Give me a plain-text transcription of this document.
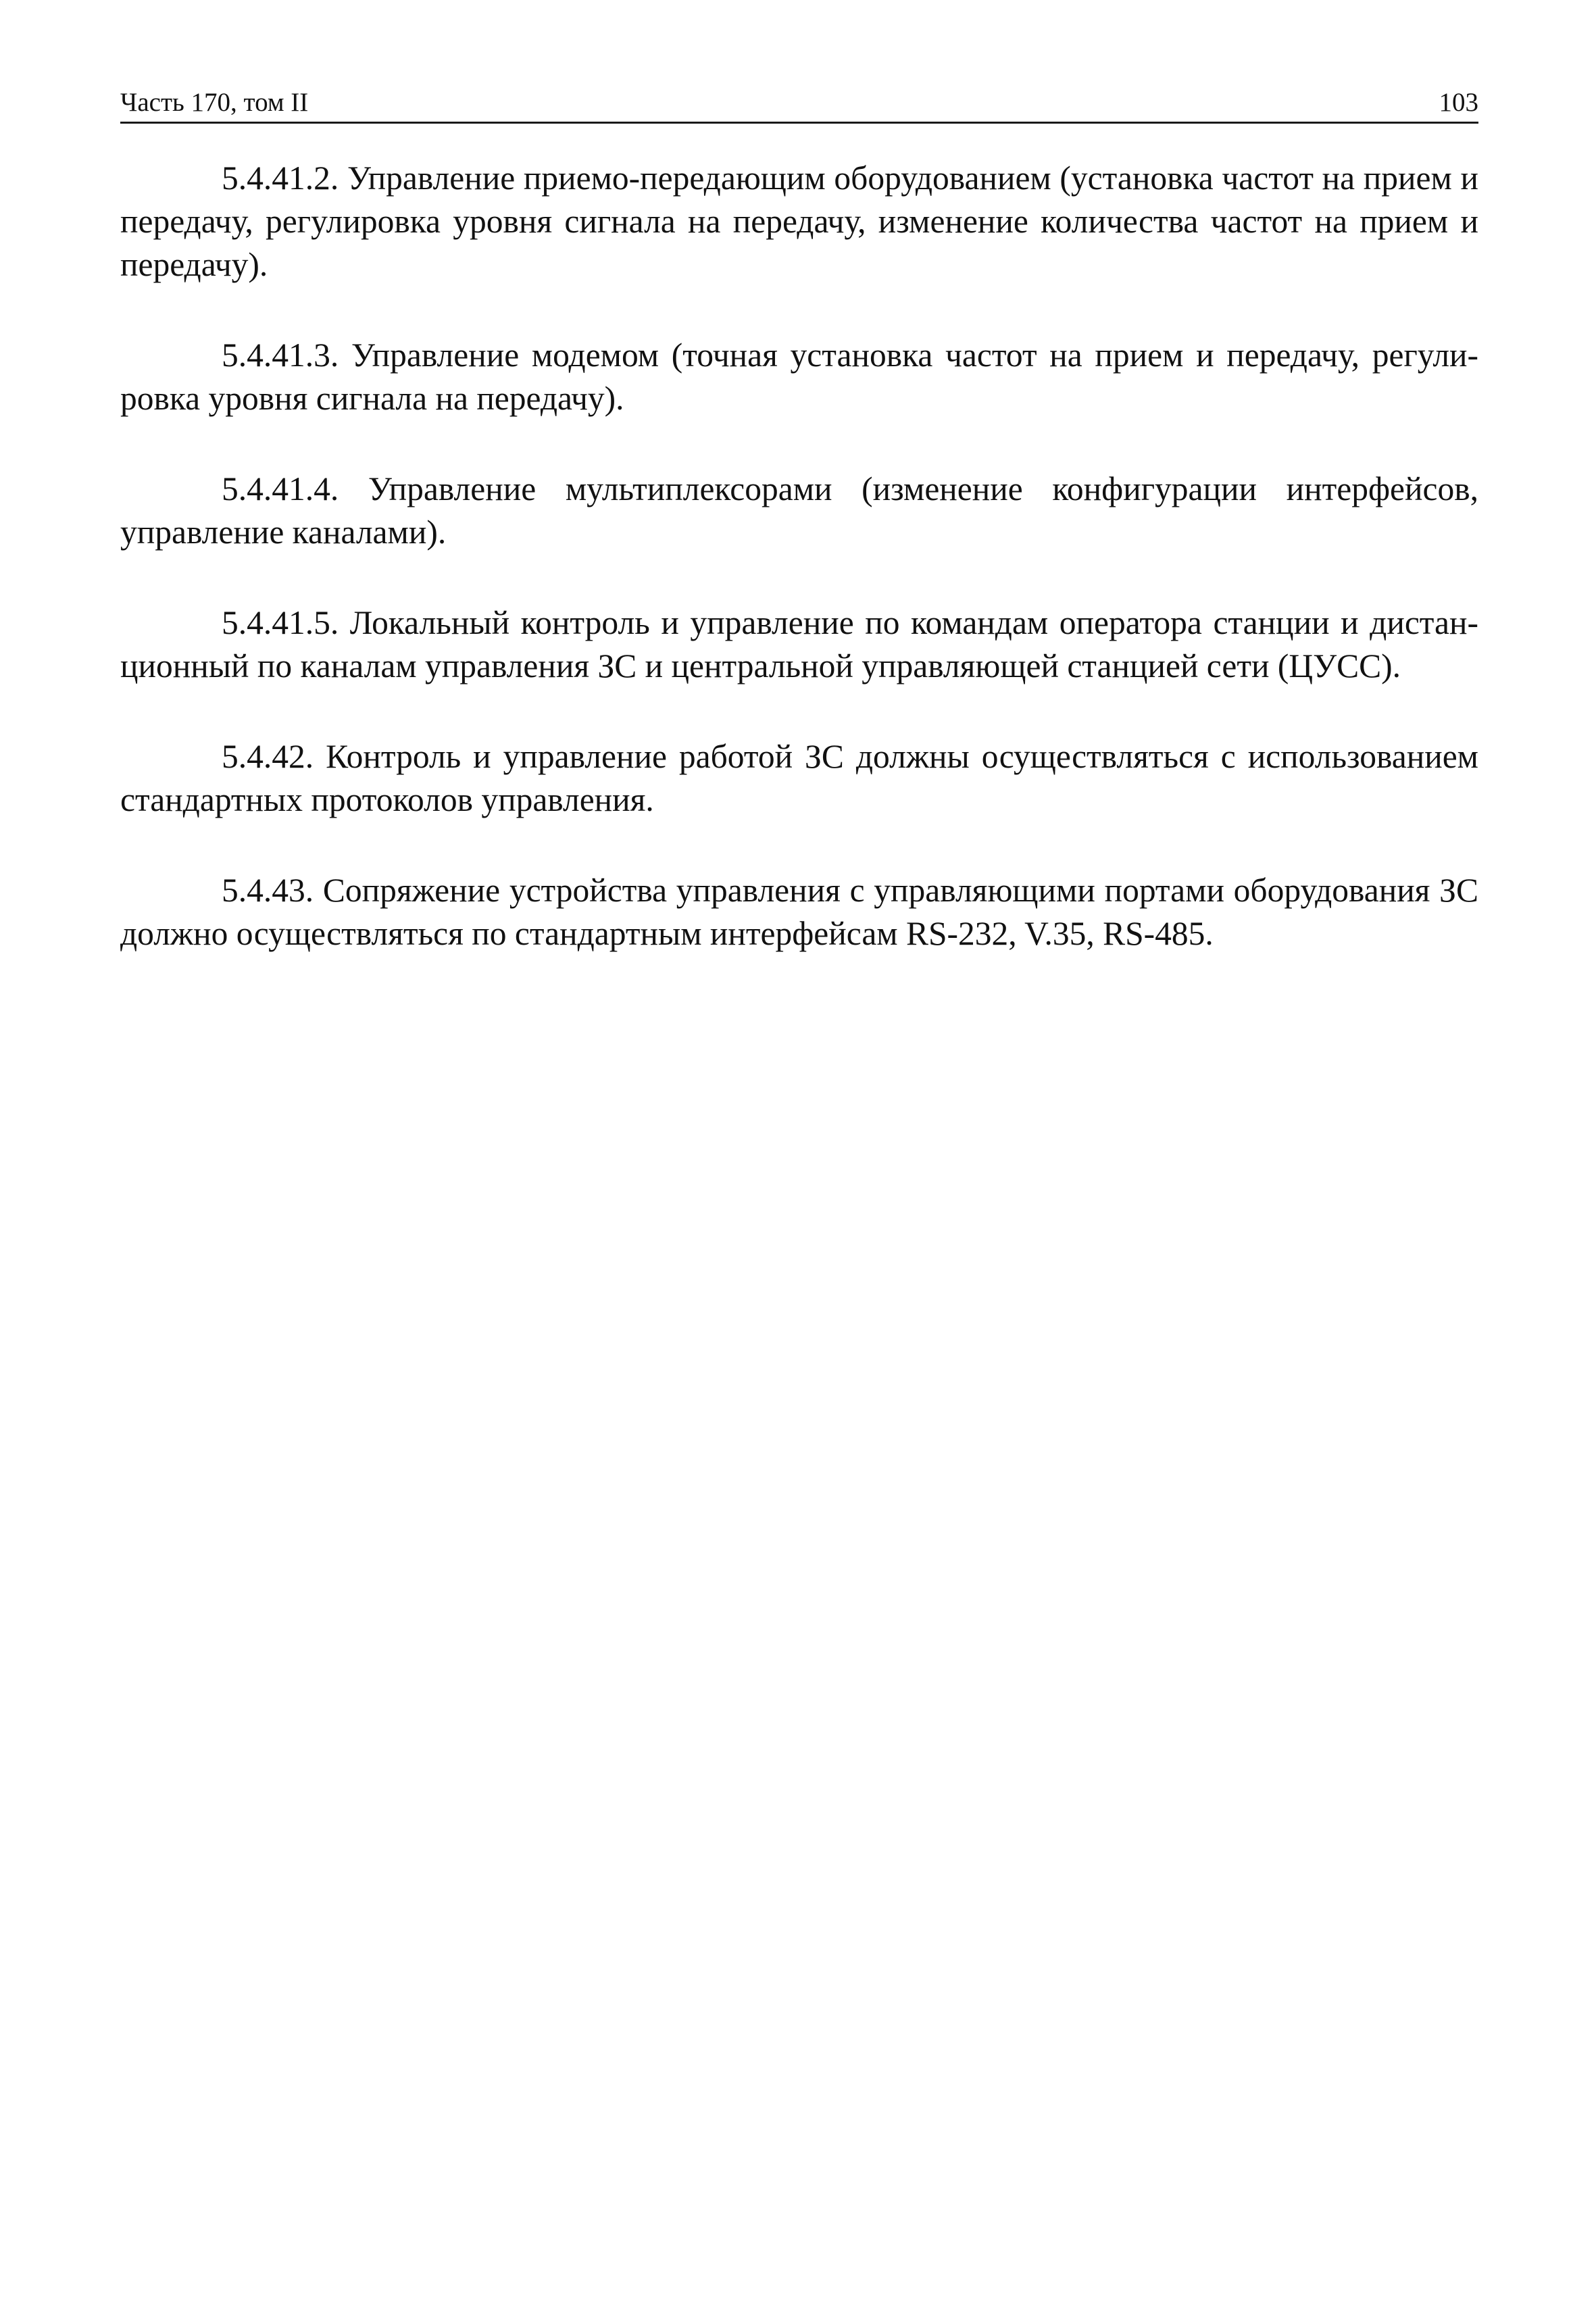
Часть 170, том II	103

5.4.41.2. Управление приемо-передающим оборудованием (установка частот на прием и передачу, регулировка уровня сигнала на передачу, изменение количества частот на прием и передачу).

5.4.41.3. Управление модемом (точная установка частот на прием и передачу, регулировка уровня сигнала на передачу).

5.4.41.4. Управление мультиплексорами (изменение конфигурации интерфейсов, управление каналами).

5.4.41.5. Локальный контроль и управление по командам оператора станции и дистанционный по каналам управления ЗС и центральной управляющей станцией сети (ЦУСС).

5.4.42. Контроль и управление работой ЗС должны осуществляться с использованием стандартных протоколов управления.

5.4.43. Сопряжение устройства управления с управляющими портами оборудования ЗС должно осуществляться по стандартным интерфейсам RS-232, V.35, RS-485.
